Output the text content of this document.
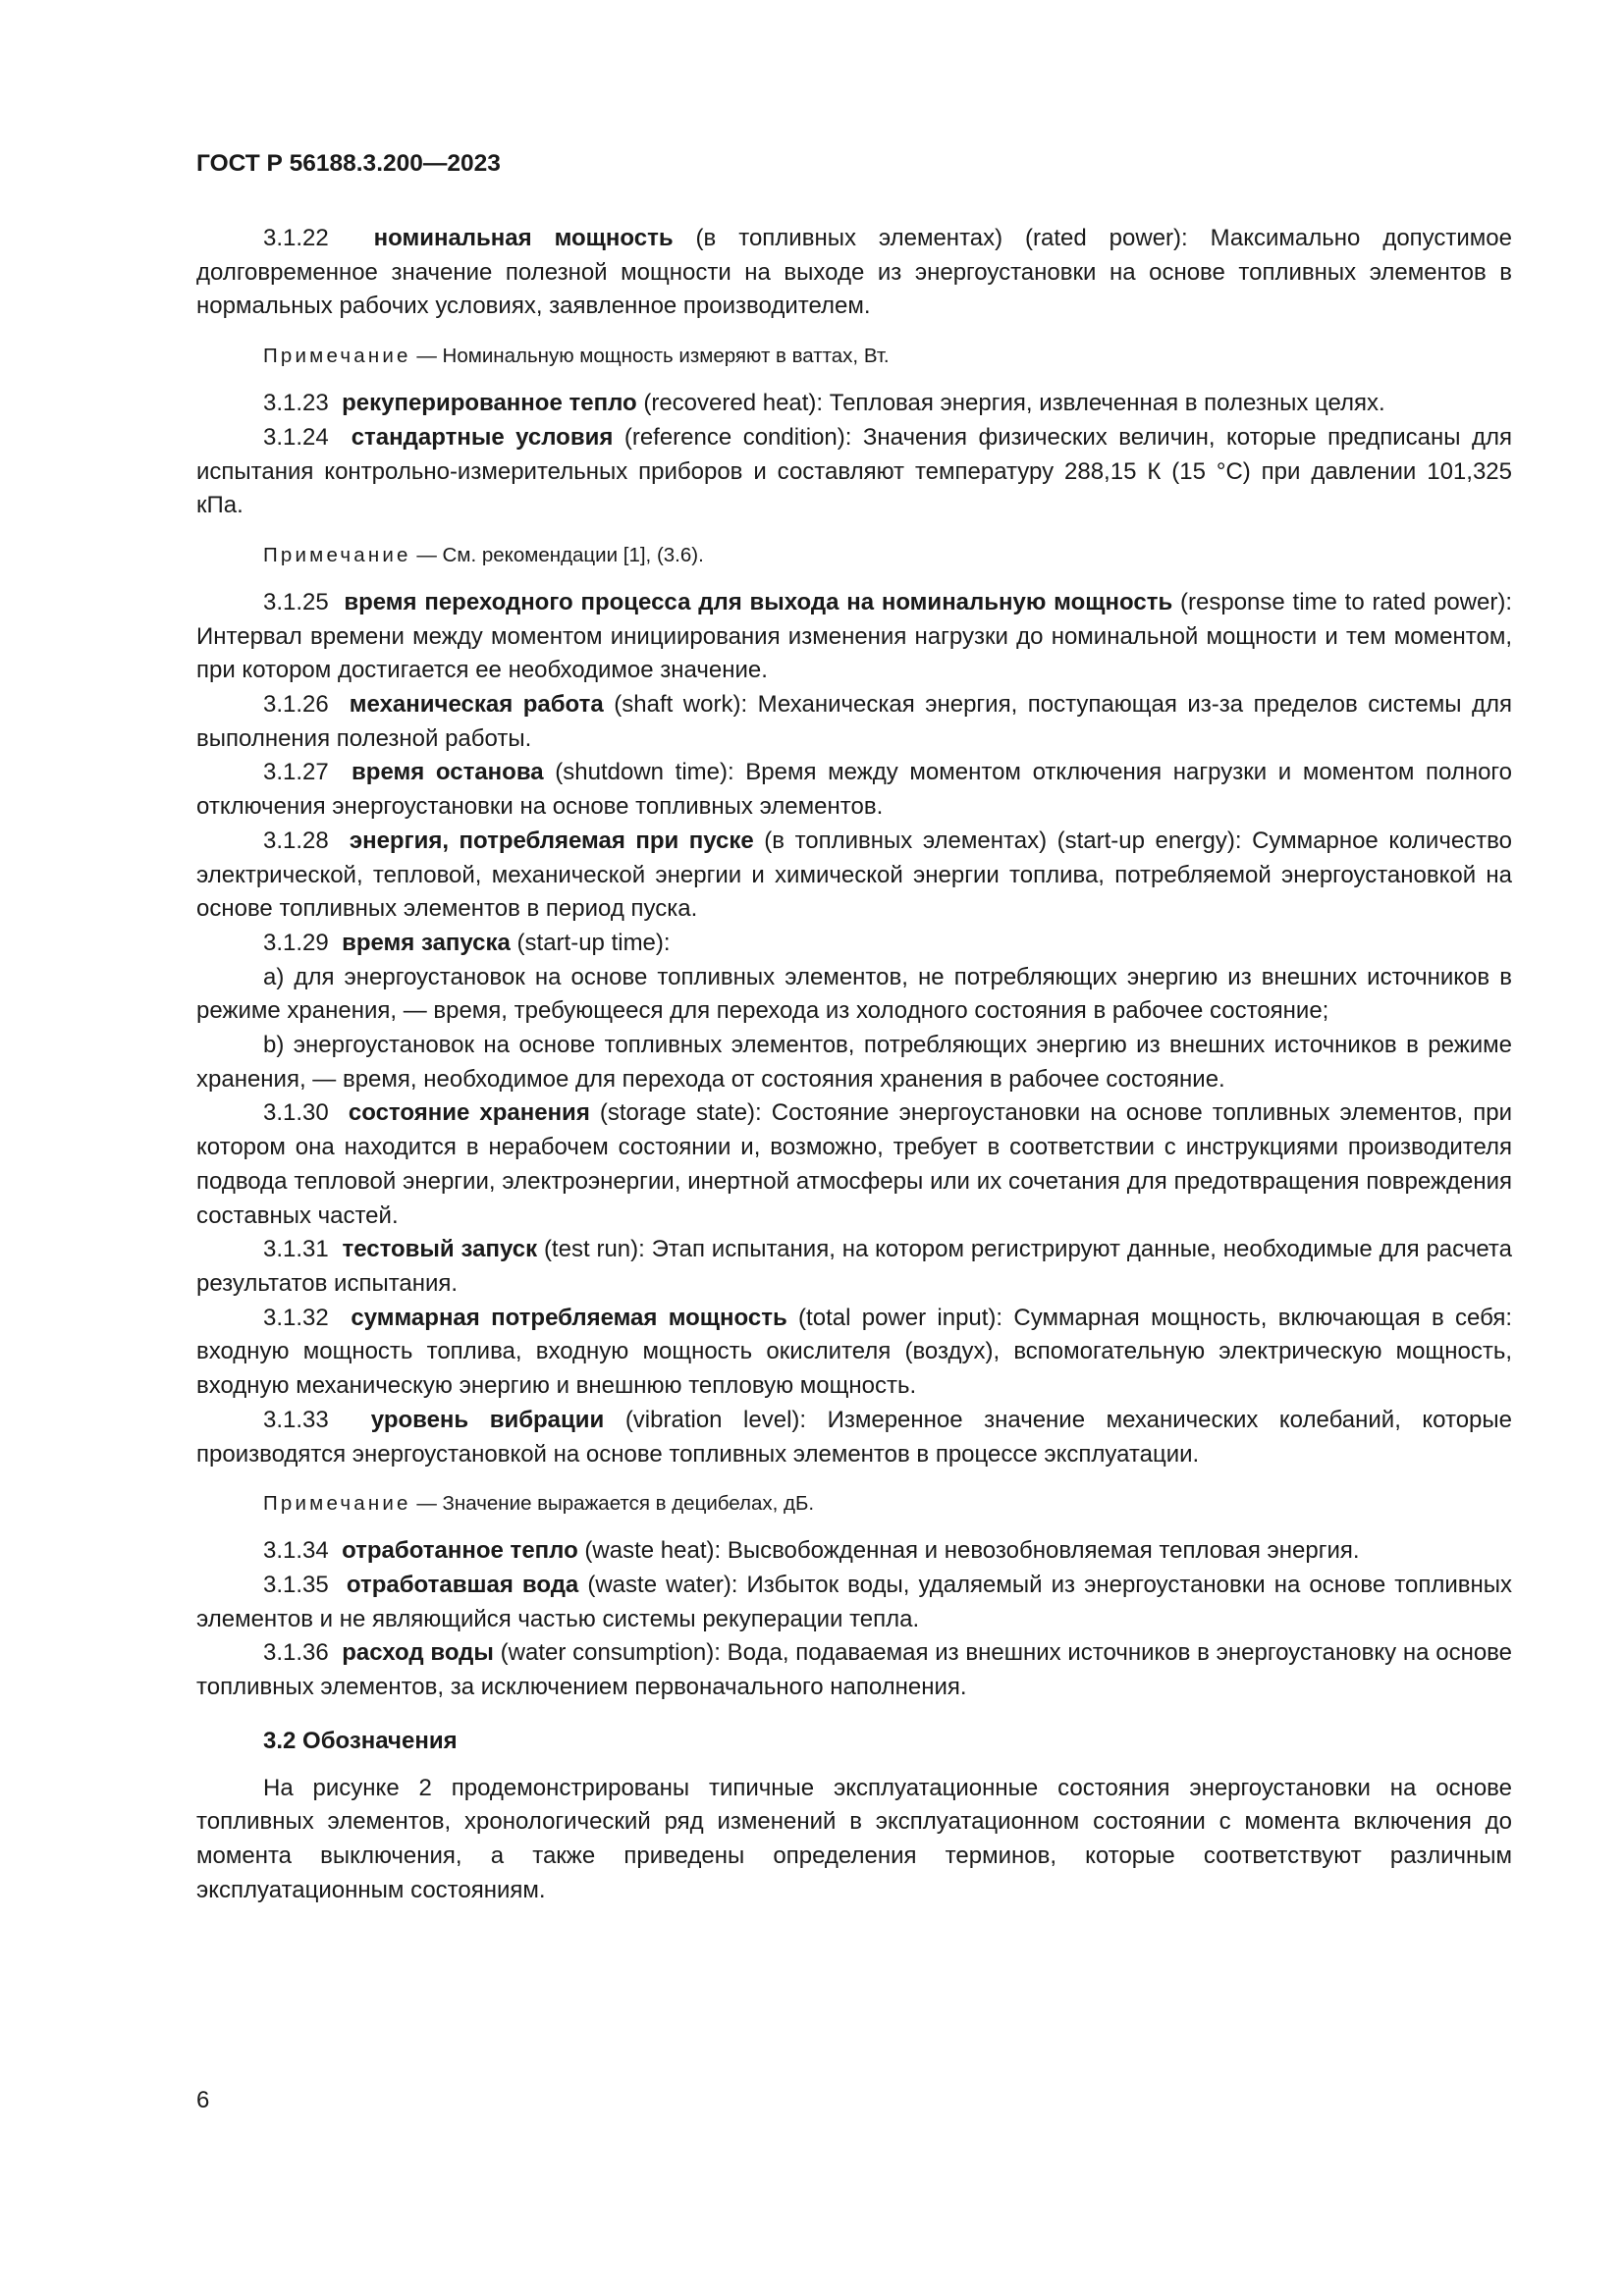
ГОСТ Р 56188.3.200—2023

3.1.22 номинальная мощность (в топливных элементах) (rated power): Максимально допустимое долговременное значение полезной мощности на выходе из энергоустановки на основе топливных элементов в нормальных рабочих условиях, заявленное производителем.

Примечание — Номинальную мощность измеряют в ваттах, Вт.

3.1.23 рекуперированное тепло (recovered heat): Тепловая энергия, извлеченная в полезных целях.

3.1.24 стандартные условия (reference condition): Значения физических величин, которые предписаны для испытания контрольно-измерительных приборов и составляют температуру 288,15 К (15 °С) при давлении 101,325 кПа.

Примечание — См. рекомендации [1], (3.6).

3.1.25 время переходного процесса для выхода на номинальную мощность (response time to rated power): Интервал времени между моментом инициирования изменения нагрузки до номинальной мощности и тем моментом, при котором достигается ее необходимое значение.

3.1.26 механическая работа (shaft work): Механическая энергия, поступающая из-за пределов системы для выполнения полезной работы.

3.1.27 время останова (shutdown time): Время между моментом отключения нагрузки и моментом полного отключения энергоустановки на основе топливных элементов.

3.1.28 энергия, потребляемая при пуске (в топливных элементах) (start-up energy): Суммарное количество электрической, тепловой, механической энергии и химической энергии топлива, потребляемой энергоустановкой на основе топливных элементов в период пуска.

3.1.29 время запуска (start-up time):

a) для энергоустановок на основе топливных элементов, не потребляющих энергию из внешних источников в режиме хранения, — время, требующееся для перехода из холодного состояния в рабочее состояние;

b) энергоустановок на основе топливных элементов, потребляющих энергию из внешних источников в режиме хранения, — время, необходимое для перехода от состояния хранения в рабочее состояние.

3.1.30 состояние хранения (storage state): Состояние энергоустановки на основе топливных элементов, при котором она находится в нерабочем состоянии и, возможно, требует в соответствии с инструкциями производителя подвода тепловой энергии, электроэнергии, инертной атмосферы или их сочетания для предотвращения повреждения составных частей.

3.1.31 тестовый запуск (test run): Этап испытания, на котором регистрируют данные, необходимые для расчета результатов испытания.

3.1.32 суммарная потребляемая мощность (total power input): Суммарная мощность, включающая в себя: входную мощность топлива, входную мощность окислителя (воздух), вспомогательную электрическую мощность, входную механическую энергию и внешнюю тепловую мощность.

3.1.33 уровень вибрации (vibration level): Измеренное значение механических колебаний, которые производятся энергоустановкой на основе топливных элементов в процессе эксплуатации.

Примечание — Значение выражается в децибелах, дБ.

3.1.34 отработанное тепло (waste heat): Высвобожденная и невозобновляемая тепловая энергия.

3.1.35 отработавшая вода (waste water): Избыток воды, удаляемый из энергоустановки на основе топливных элементов и не являющийся частью системы рекуперации тепла.

3.1.36 расход воды (water consumption): Вода, подаваемая из внешних источников в энергоустановку на основе топливных элементов, за исключением первоначального наполнения.

3.2 Обозначения

На рисунке 2 продемонстрированы типичные эксплуатационные состояния энергоустановки на основе топливных элементов, хронологический ряд изменений в эксплуатационном состоянии с момента включения до момента выключения, а также приведены определения терминов, которые соответствуют различным эксплуатационным состояниям.

6
